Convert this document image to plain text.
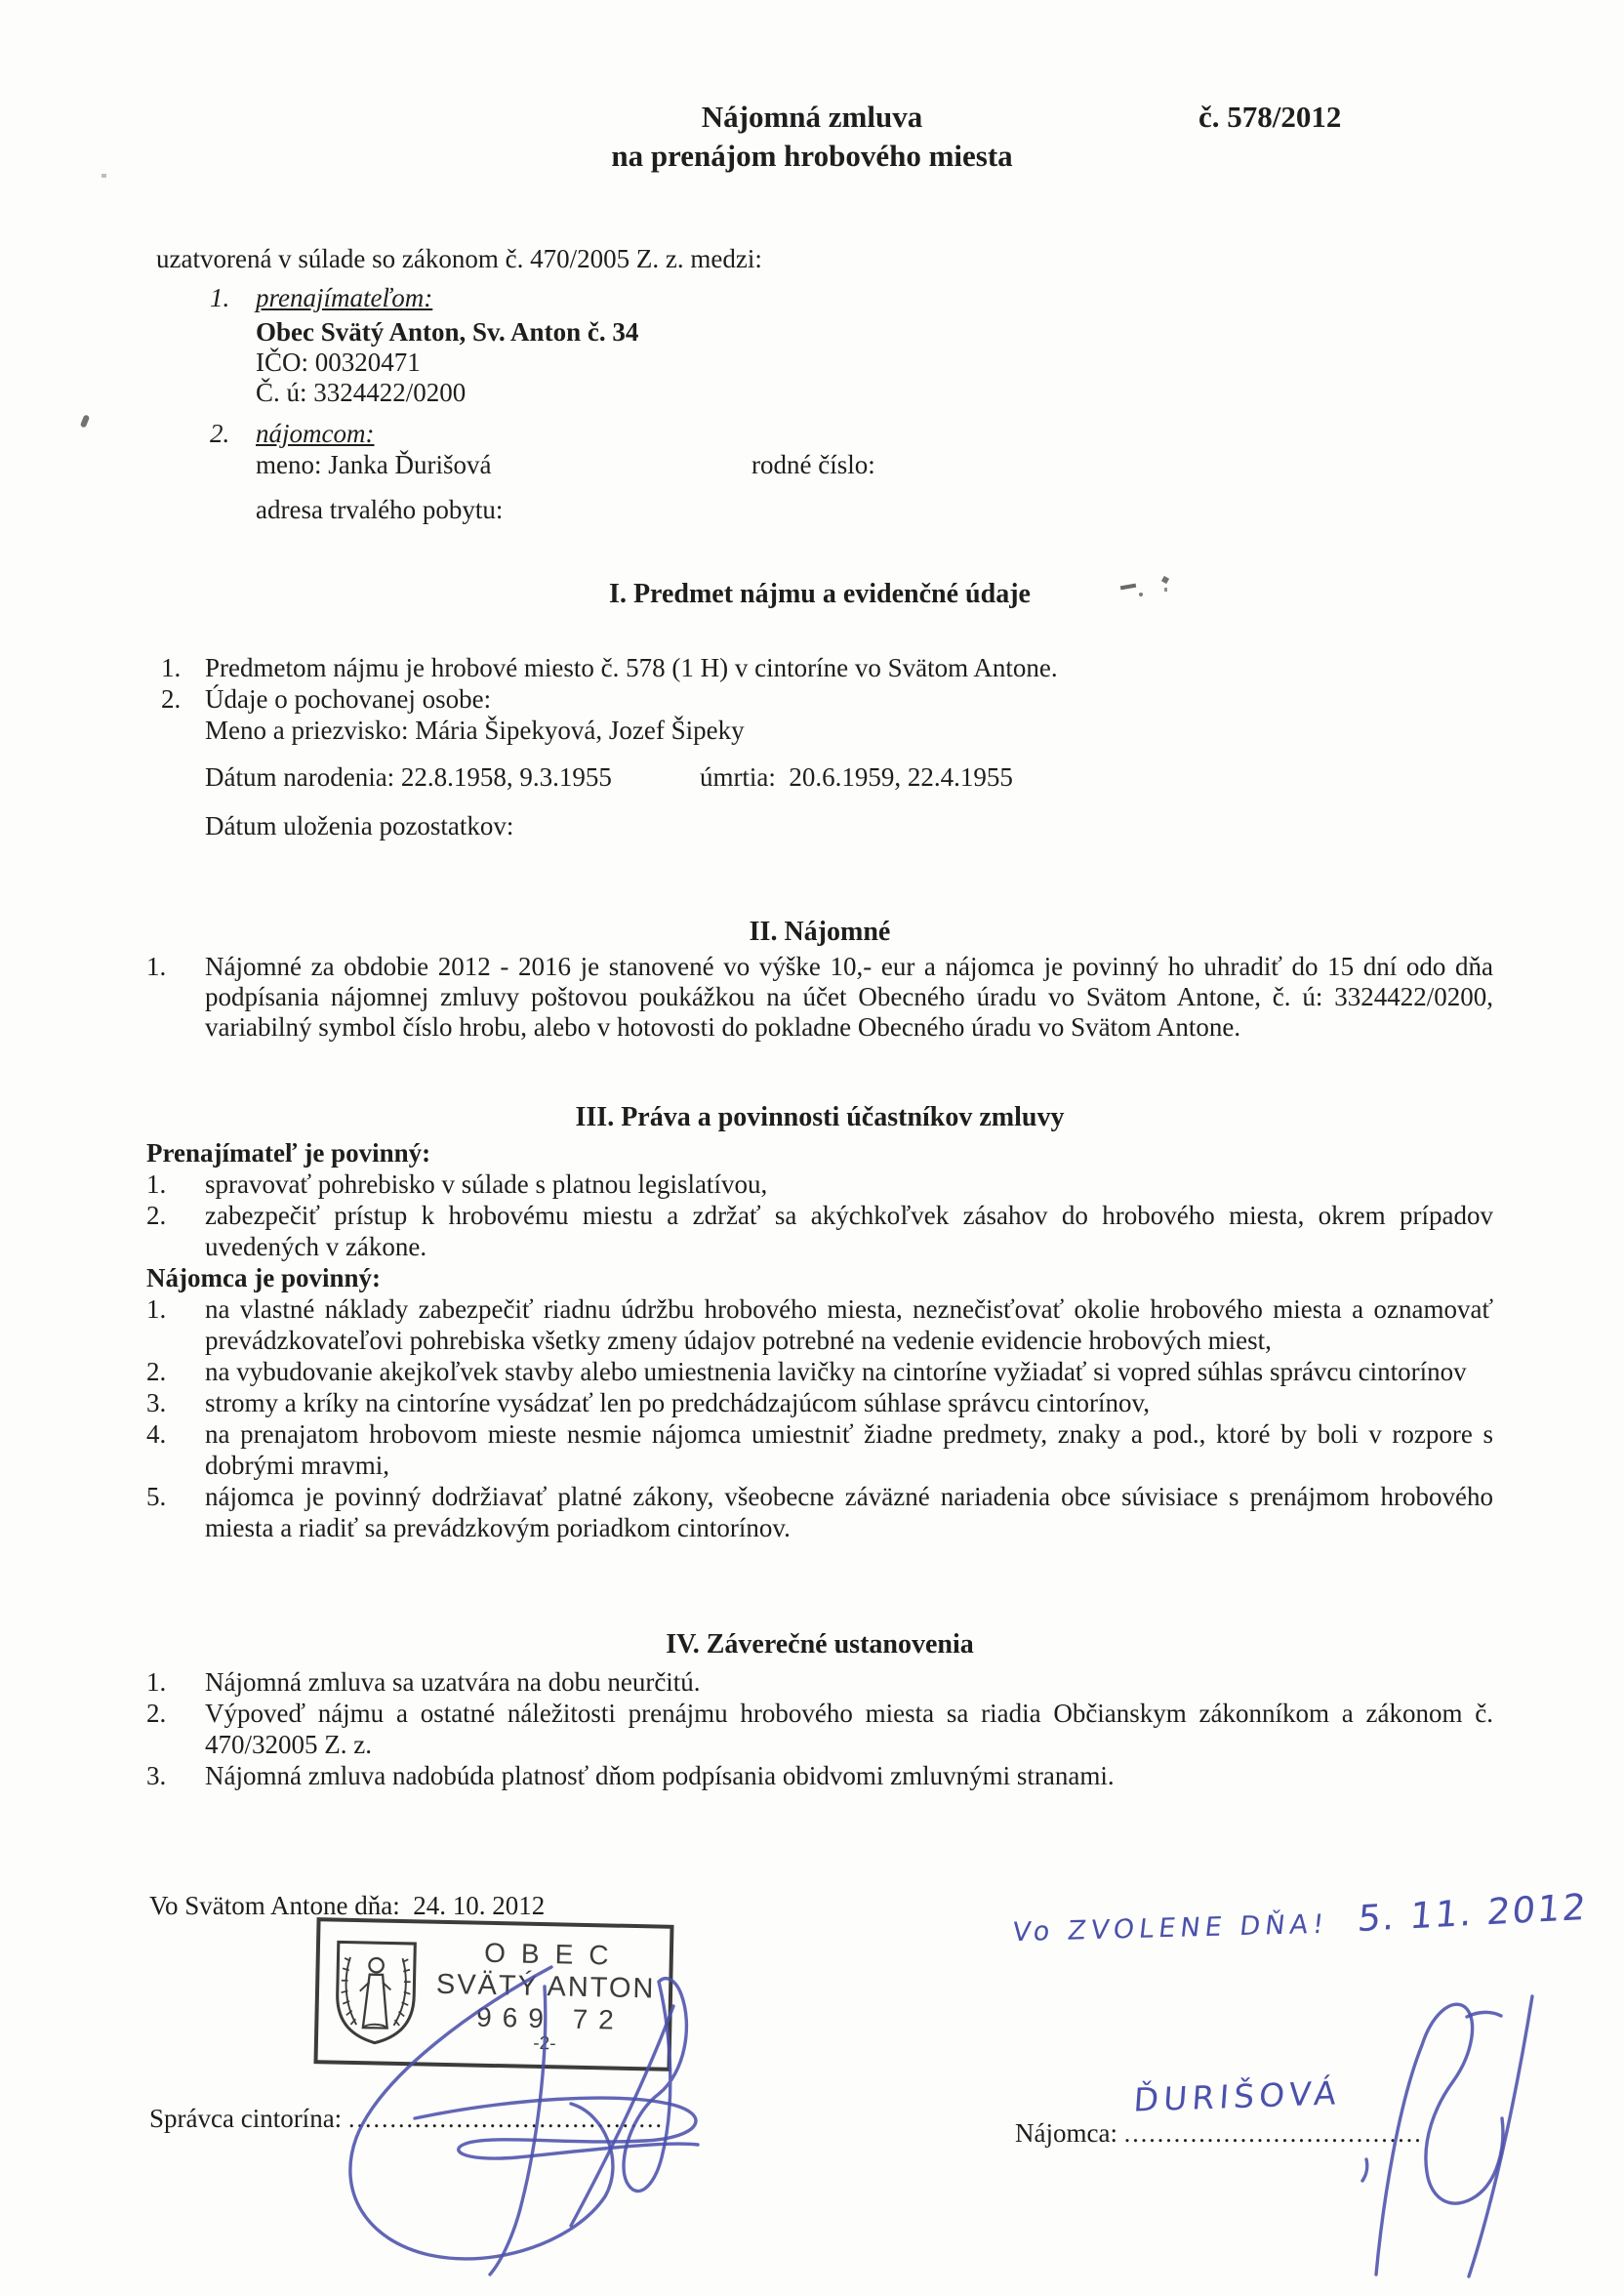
Nájomná zmluva
na prenájom hrobového miesta
č. 578/2012
uzatvorená v súlade so zákonom č. 470/2005 Z. z. medzi:
1. prenajímateľom:
Obec Svätý Anton, Sv. Anton č. 34
IČO: 00320471
Č. ú: 3324422/0200
2. nájomcom:
meno: Janka Ďurišová	rodné číslo:
adresa trvalého pobytu:
I. Predmet nájmu a evidenčné údaje
1. Predmetom nájmu je hrobové miesto č. 578 (1 H) v cintoríne vo Svätom Antone.
2. Údaje o pochovanej osobe:
Meno a priezvisko: Mária Šipekyová, Jozef Šipeky
Dátum narodenia: 22.8.1958, 9.3.1955	úmrtia:  20.6.1959, 22.4.1955
Dátum uloženia pozostatkov:
II. Nájomné
1.	Nájomné za obdobie 2012 - 2016 je stanovené vo výške 10,- eur a nájomca je povinný ho uhradiť do 15 dní odo dňa podpísania nájomnej zmluvy poštovou poukážkou na účet Obecného úradu vo Svätom Antone, č. ú: 3324422/0200, variabilný symbol číslo hrobu, alebo v hotovosti do pokladne Obecného úradu vo Svätom Antone.
III. Práva a povinnosti účastníkov zmluvy
Prenajímateľ je povinný:
1.	spravovať pohrebisko v súlade s platnou legislatívou,
2.	zabezpečiť prístup k hrobovému miestu a zdržať sa akýchkoľvek zásahov do hrobového miesta, okrem prípadov uvedených v zákone.
Nájomca je povinný:
1.	na vlastné náklady zabezpečiť riadnu údržbu hrobového miesta, neznečisťovať okolie hrobového miesta a oznamovať prevádzkovateľovi pohrebiska všetky zmeny údajov potrebné na vedenie evidencie hrobových miest,
2.	na vybudovanie akejkoľvek stavby alebo umiestnenia lavičky na cintoríne vyžiadať si vopred súhlas správcu cintorínov
3.	stromy a kríky na cintoríne vysádzať len po predchádzajúcom súhlase správcu cintorínov,
4.	na prenajatom hrobovom mieste nesmie nájomca umiestniť žiadne predmety, znaky a pod., ktoré by boli v rozpore s dobrými mravmi,
5.	nájomca je povinný dodržiavať platné zákony, všeobecne záväzné nariadenia obce súvisiace s prenájmom hrobového miesta a riadiť sa prevádzkovým poriadkom cintorínov.
IV. Záverečné ustanovenia
1.	Nájomná zmluva sa uzatvára na dobu neurčitú.
2.	Výpoveď nájmu a ostatné náležitosti prenájmu hrobového miesta sa riadia Občianskym zákonníkom a zákonom č. 470/32005 Z. z.
3.	Nájomná zmluva nadobúda platnosť dňom podpísania obidvomi zmluvnými stranami.
Vo Svätom Antone dňa:  24. 10. 2012	5. 11. 2012
Vo ZVOLENE DŇA!
OBEC
SVÄTÝ ANTON
969 72
-2-
Správca cintorína: ......................................	Nájomca: ....................................
ĎURIŠOVÁ
